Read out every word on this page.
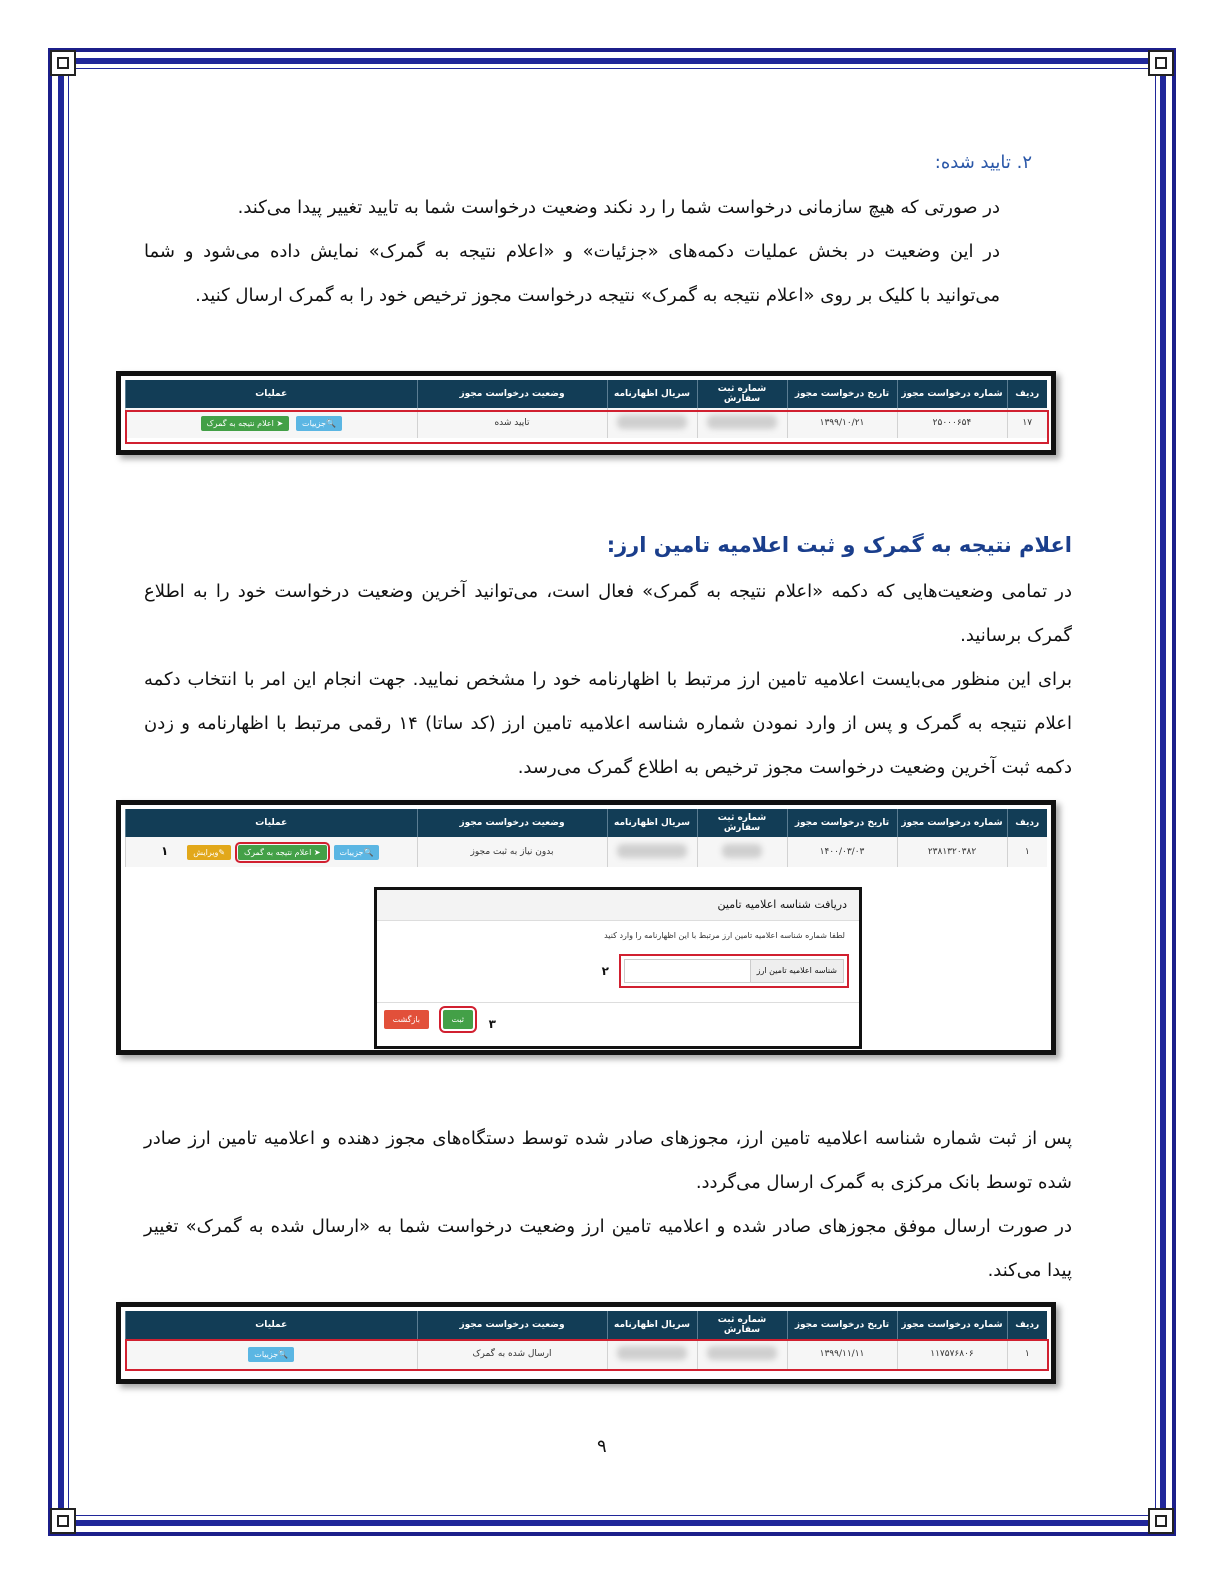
۲. تایید شده:

در صورتی که هیچ سازمانی درخواست شما را رد نکند وضعیت درخواست شما به تایید تغییر پیدا می‌کند.

در این وضعیت در بخش عملیات دکمه‌های «جزئیات» و «اعلام نتیجه به گمرک» نمایش داده می‌شود و شما می‌توانید با کلیک بر روی «اعلام نتیجه به گمرک» نتیجه درخواست مجوز ترخیص خود را به گمرک ارسال کنید.

ردیف	شماره درخواست مجوز	تاریخ درخواست مجوز	شماره ثبت سفارش	سریال اظهارنامه	وضعیت درخواست مجوز	عملیات
۱۷	۲۵۰۰۰۶۵۴	۱۳۹۹/۱۰/۲۱			تایید شده	🔍جزییات ➤ اعلام نتیجه به گمرک
اعلام نتیجه به گمرک و ثبت اعلامیه تامین ارز:

در تمامی وضعیت‌هایی که دکمه «اعلام نتیجه به گمرک» فعال است، می‌توانید آخرین وضعیت درخواست خود را به اطلاع گمرک برسانید.

برای این منظور می‌بایست اعلامیه تامین ارز مرتبط با اظهارنامه خود را مشخص نمایید. جهت انجام این امر با انتخاب دکمه اعلام نتیجه به گمرک و پس از وارد نمودن شماره شناسه اعلامیه تامین ارز (کد ساتا) ۱۴ رقمی مرتبط با اظهارنامه و زدن دکمه ثبت آخرین وضعیت درخواست مجوز ترخیص به اطلاع گمرک می‌رسد.

ردیف	شماره درخواست مجوز	تاریخ درخواست مجوز	شماره ثبت سفارش	سریال اظهارنامه	وضعیت درخواست مجوز	عملیات
۱	۲۳۸۱۳۲۰۳۸۲	۱۴۰۰/۰۳/۰۳			بدون نیاز به ثبت مجوز	🔍جزییات ➤ اعلام نتیجه به گمرک ✎ویرایش ۱
دریافت شناسه اعلامیه تامین
لطفا شماره شناسه اعلامیه تامین ارز مرتبط با این اظهارنامه را وارد کنید
شناسه اعلامیه تامین ارز
۲
۳
ثبت
بازگشت

پس از ثبت شماره شناسه اعلامیه تامین ارز، مجوزهای صادر شده توسط دستگاه‌های مجوز دهنده و اعلامیه تامین ارز صادر شده توسط بانک مرکزی به گمرک ارسال می‌گردد.

در صورت ارسال موفق مجوزهای صادر شده و اعلامیه تامین ارز وضعیت درخواست شما به «ارسال شده به گمرک» تغییر پیدا می‌کند.

ردیف	شماره درخواست مجوز	تاریخ درخواست مجوز	شماره ثبت سفارش	سریال اظهارنامه	وضعیت درخواست مجوز	عملیات
۱	۱۱۷۵۷۶۸۰۶	۱۳۹۹/۱۱/۱۱			ارسال شده به گمرک	🔍جزییات
۹
